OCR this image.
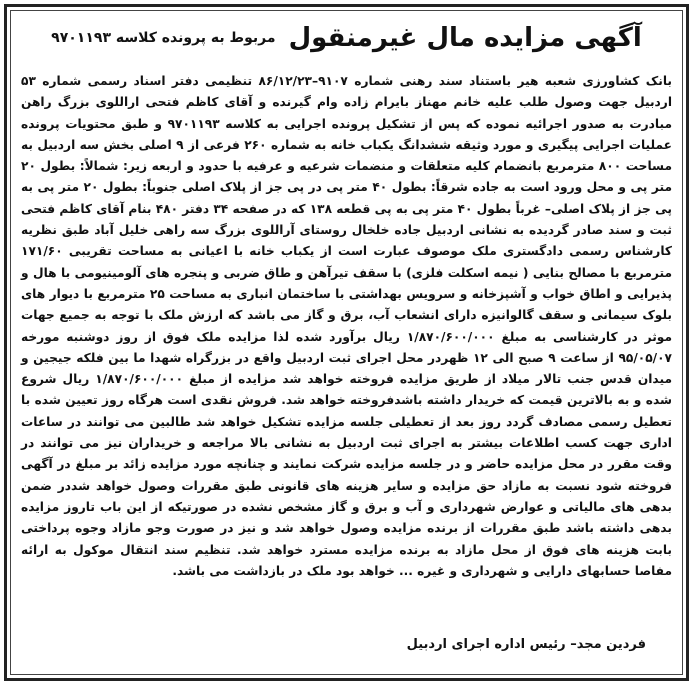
آگهی مزایده مال غیرمنقول مربوط به پرونده کلاسه ۹۷۰۱۱۹۳
بانک کشاورزی شعبه هیر باستناد سند رهنی شماره ۹۱۰۷–۸۶/۱۲/۲۳ تنظیمی دفتر اسناد رسمی شماره ۵۳ اردبیل جهت وصول طلب علیه خانم مهناز بایرام زاده وام گیرنده و آقای کاظم فتحی اراللوی بزرگ راهن مبادرت به صدور اجرائیه نموده که پس از تشکیل پرونده اجرایی به کلاسه ۹۷۰۱۱۹۳ و طبق محتویات پرونده عملیات اجرایی پیگیری و مورد وثیقه ششدانگ یکباب خانه به شماره ۲۶۰ فرعی از ۹ اصلی بخش سه اردبیل به مساحت ۸۰۰ مترمربع بانضمام کلیه متعلقات و منضمات شرعیه و عرفیه با حدود و اربعه زیر: شمالاً: بطول ۲۰ متر پی و محل ورود است به جاده شرقاً: بطول ۴۰ متر پی در پی جز از پلاک اصلی جنوباً: بطول ۲۰ متر پی به پی جز از پلاک اصلی– غرباً بطول ۴۰ متر پی به پی قطعه ۱۳۸ که در صفحه ۳۴ دفتر ۴۸۰ بنام آقای کاظم فتحی ثبت و سند صادر گردیده به نشانی اردبیل جاده خلخال روستای آراللوی بزرگ سه راهی خلیل آباد طبق نظریه کارشناس رسمی دادگستری ملک موصوف عبارت است از یکباب خانه با اعیانی به مساحت تقریبی ۱۷۱/۶۰ مترمربع با مصالح بنایی ( نیمه اسکلت فلزی) با سقف تیرآهن و طاق ضربی و پنجره های آلومینیومی با هال و پذیرایی و اطاق خواب و آشپزخانه و سرویس بهداشتی با ساختمان انباری به مساحت ۲۵ مترمربع با دیوار های بلوک سیمانی و سقف گالوانیزه دارای انشعاب آب، برق و گاز می باشد که ارزش ملک با توجه به جمیع جهات موثر در کارشناسی به مبلغ ۱/۸۷۰/۶۰۰/۰۰۰ ریال برآورد شده لذا مزایده ملک فوق از روز دوشنبه مورخه ۹۵/۰۵/۰۷ از ساعت ۹ صبح الی ۱۲ ظهردر محل اجرای ثبت اردبیل واقع در بزرگراه شهدا ما بین فلکه جیجین و میدان قدس جنب تالار میلاد از طریق مزایده فروخته خواهد شد مزایده از مبلغ ۱/۸۷۰/۶۰۰/۰۰۰ ریال شروع شده و به بالاترین قیمت که خریدار داشته باشدفروخته خواهد شد. فروش نقدی است هرگاه روز تعیین شده با تعطیل رسمی مصادف گردد روز بعد از تعطیلی جلسه مزایده تشکیل خواهد شد طالبین می توانند در ساعات اداری جهت کسب اطلاعات بیشتر به اجرای ثبت اردبیل به نشانی بالا مراجعه و خریداران نیز می توانند در وقت مقرر در محل مزایده حاضر و در جلسه مزایده شرکت نمایند و چنانچه مورد مزایده زائد بر مبلغ در آگهی فروخته شود نسبت به مازاد حق مزایده و سایر هزینه های قانونی طبق مقررات وصول خواهد شددر ضمن بدهی های مالیاتی و عوارض شهرداری و آب و برق و گاز مشخص نشده در صورتیکه از این باب تاروز مزایده بدهی داشته باشد طبق مقررات از برنده مزایده وصول خواهد شد و نیز در صورت وجو مازاد وجوه پرداختی بابت هزینه های فوق از محل مازاد به برنده مزایده مسترد خواهد شد. تنظیم سند انتقال موکول به ارائه مفاصا حسابهای دارایی و شهرداری و غیره ... خواهد بود ملک در بازداشت می باشد.
فردین مجد– رئیس اداره اجرای اردبیل
